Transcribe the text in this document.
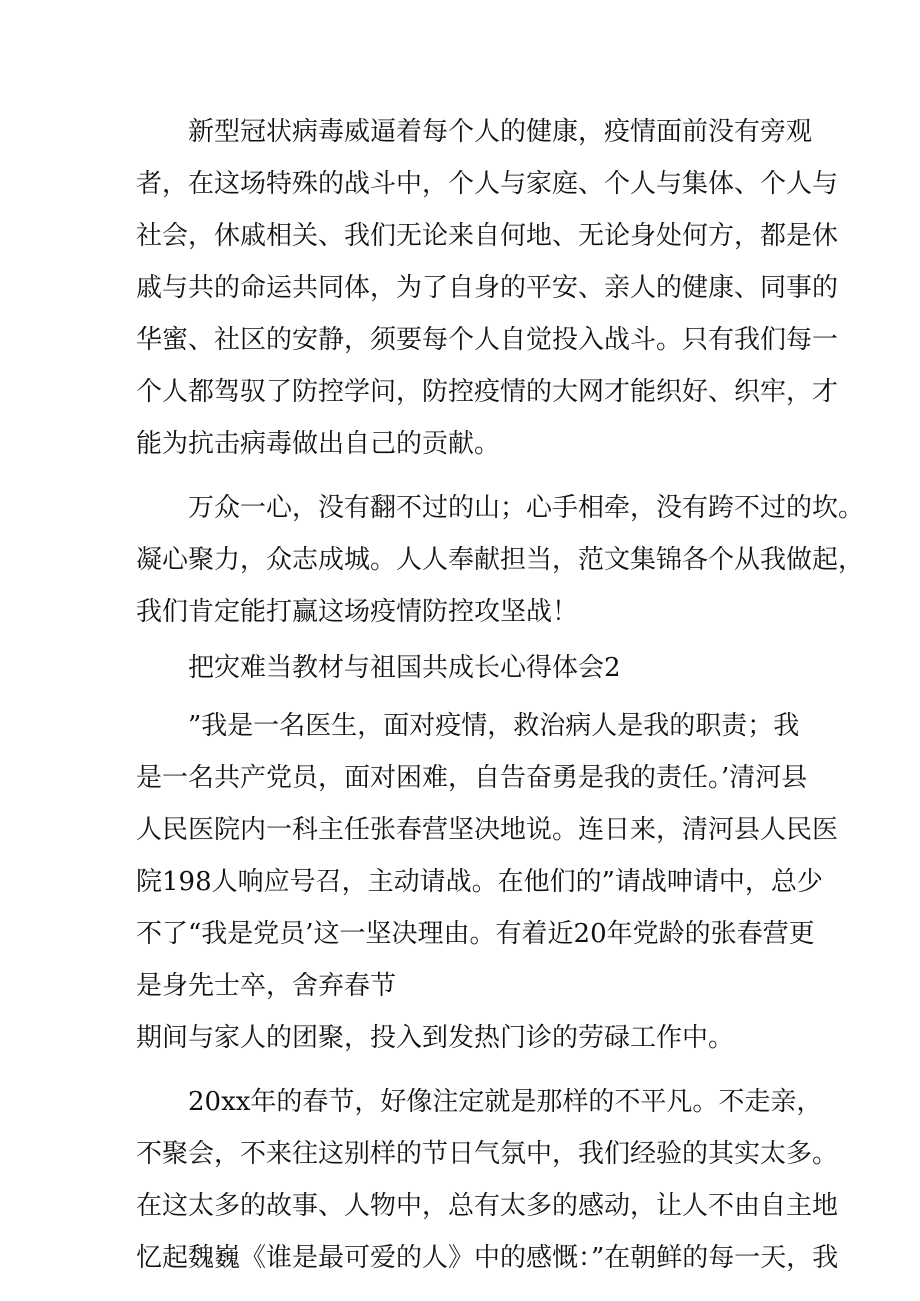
新型冠状病毒威逼着每个人的健康，疫情面前没有旁观
者，在这场特殊的战斗中，个人与家庭、个人与集体、个人与
社会，休戚相关、我们无论来自何地、无论身处何方，都是休
戚与共的命运共同体，为了自身的平安、亲人的健康、同事的
华蜜、社区的安静，须要每个人自觉投入战斗。只有我们每一
个人都驾驭了防控学问，防控疫情的大网才能织好、织牢，才
能为抗击病毒做出自己的贡献。
万众一心，没有翻不过的山；心手相牵，没有跨不过的坎。
凝心聚力，众志成城。人人奉献担当，范文集锦各个从我做起，
我们肯定能打赢这场疫情防控攻坚战！
把灾难当教材与祖国共成长心得体会2
”我是一名医生，面对疫情，救治病人是我的职责；我
是一名共产党员，面对困难，自告奋勇是我的责任。’清河县
人民医院内一科主任张春营坚决地说。连日来，清河县人民医
院198人响应号召，主动请战。在他们的”请战呻请中，总少
不了“我是党员’这一坚决理由。有着近20年党龄的张春营更
是身先士卒，舍弃春节
期间与家人的团聚，投入到发热门诊的劳碌工作中。
20xx年的春节，好像注定就是那样的不平凡。不走亲，
不聚会，不来往这别样的节日气氛中，我们经验的其实太多。
在这太多的故事、人物中，总有太多的感动，让人不由自主地
忆起魏巍《谁是最可爱的人》中的感慨：”在朝鲜的每一天，我
